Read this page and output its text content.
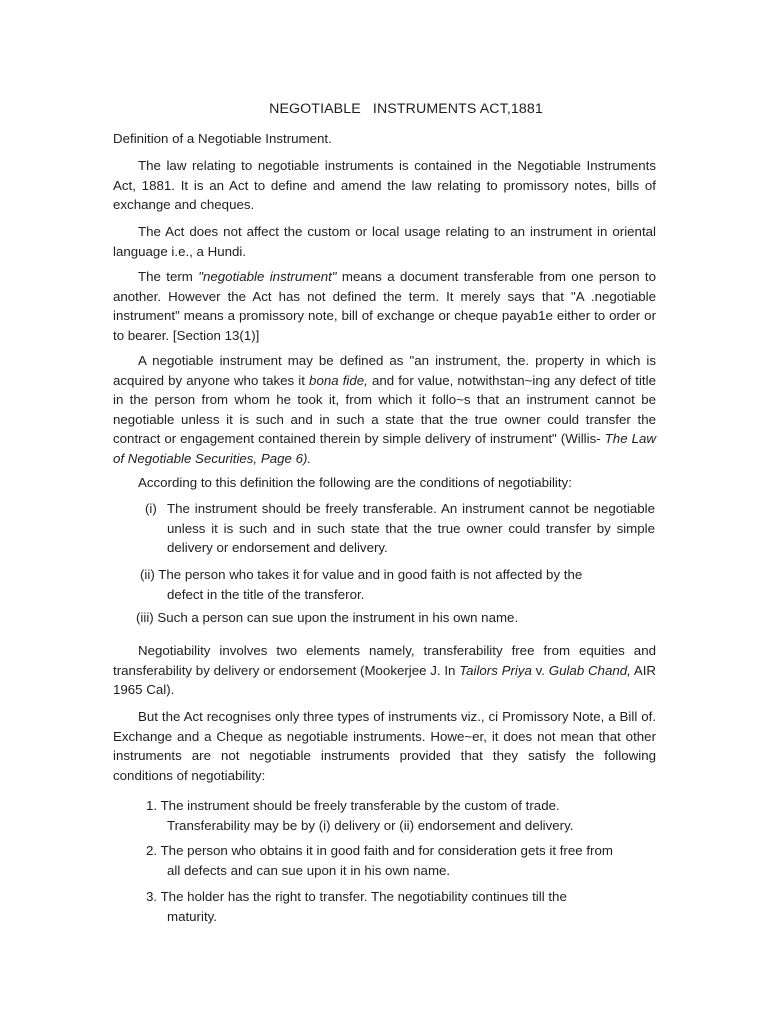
NEGOTIABLE   INSTRUMENTS ACT,1881
Definition of a Negotiable Instrument.
The law relating to negotiable instruments is contained in the Negotiable Instruments Act, 1881. It is an Act to define and amend the law relating to promissory notes, bills of exchange and cheques.
The Act does not affect the custom or local usage relating to an instrument in oriental language i.e., a Hundi.
The term "negotiable instrument" means a document transferable from one person to another. However the Act has not defined the term. It merely says that "A .negotiable instrument" means a promissory note, bill of exchange or cheque payab1e either to order or to bearer. [Section 13(1)]
A negotiable instrument may be defined as "an instrument, the. property in which is acquired by anyone who takes it bona fide, and for value, notwithstan~ing any defect of title in the person from whom he took it, from which it follo~s that an instrument cannot be negotiable unless it is such and in such a state that the true owner could transfer the contract or engagement contained therein by simple delivery of instrument" (Willis- The Law of Negotiable Securities, Page 6).
According to this definition the following are the conditions of negotiability:
(i) The instrument should be freely transferable. An instrument cannot be negotiable unless it is such and in such state that the true owner could transfer by simple delivery or endorsement and delivery.
(ii) The person who takes it for value and in good faith is not affected by the
defect in the title of the transferor.
(iii) Such a person can sue upon the instrument in his own name.
Negotiability involves two elements namely, transferability free from equities and transferability by delivery or endorsement (Mookerjee J. In Tailors Priya v. Gulab Chand, AIR 1965 Cal).
But the Act recognises only three types of instruments viz., ci Promissory Note, a Bill of. Exchange and a Cheque as negotiable instruments. Howe~er, it does not mean that other instruments are not negotiable instruments provided that they satisfy the following conditions of negotiability:
1. The instrument should be freely transferable by the custom of trade.
Transferability may be by (i) delivery or (ii) endorsement and delivery.
2. The person who obtains it in good faith and for consideration gets it free from
all defects and can sue upon it in his own name.
3. The holder has the right to transfer. The negotiability continues till the
maturity.
